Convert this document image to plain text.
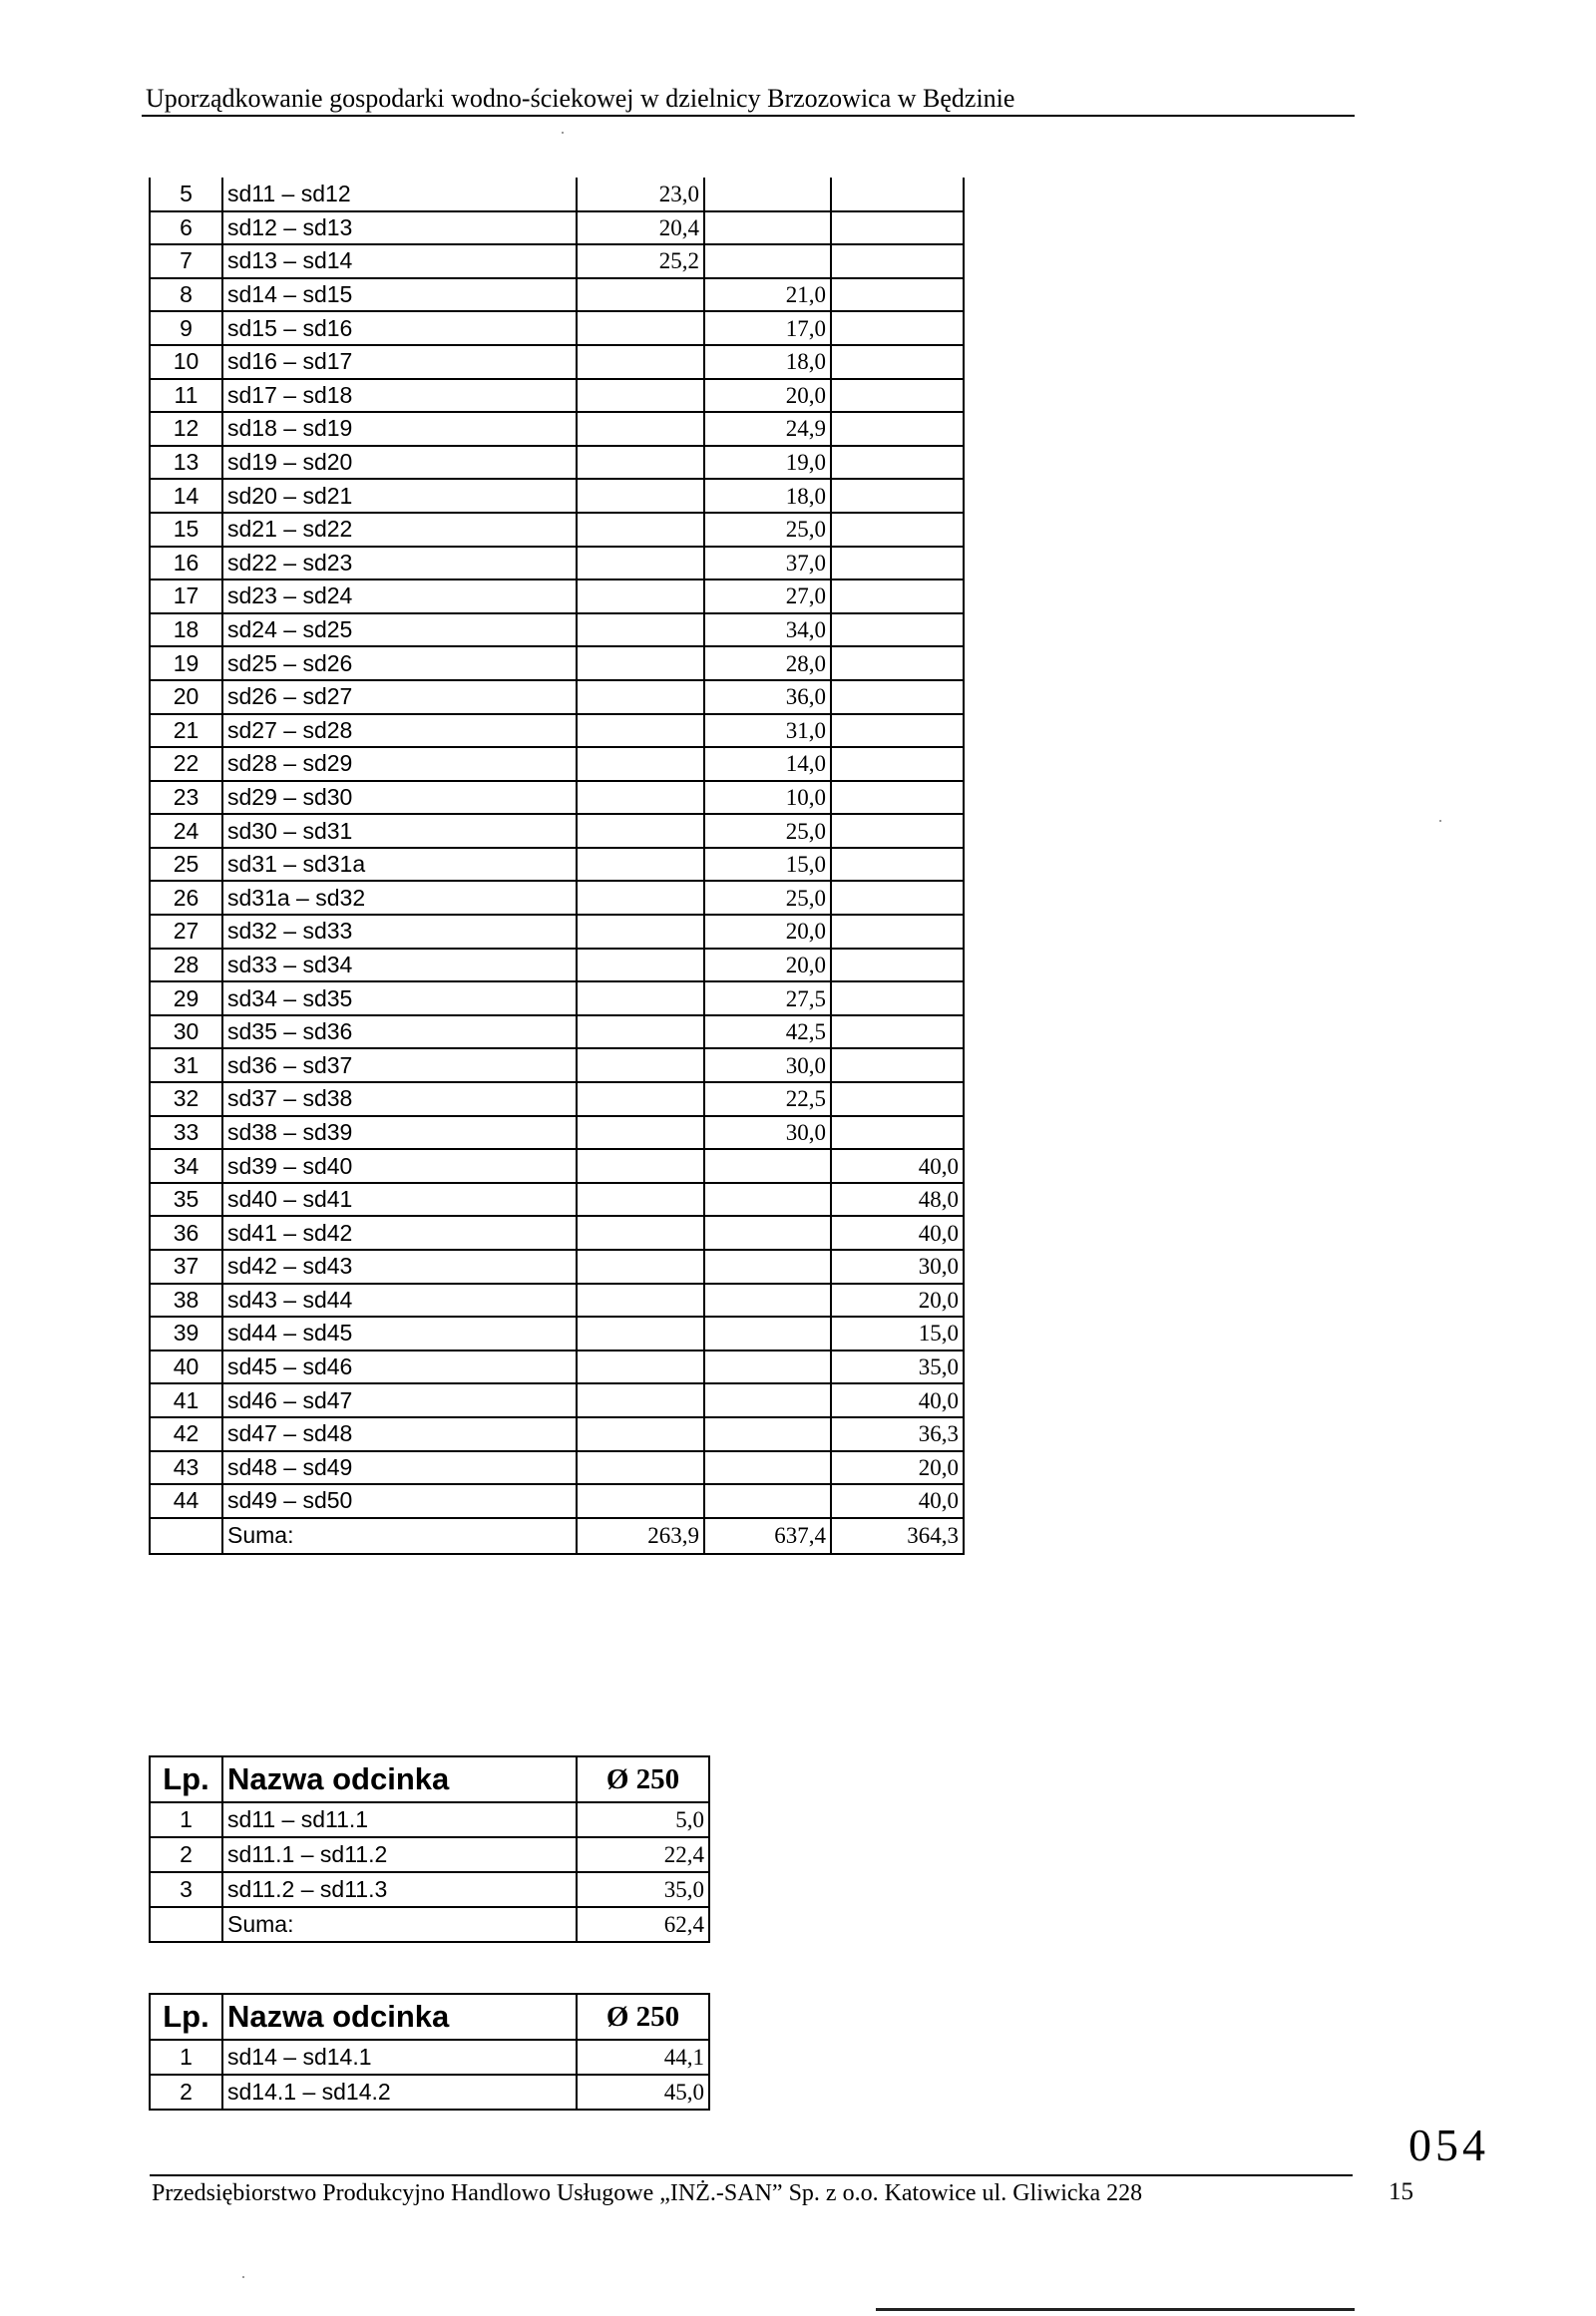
Uporządkowanie gospodarki wodno-ściekowej w dzielnicy Brzozowica w Będzinie
5	sd11 – sd12	23,0		
6	sd12 – sd13	20,4		
7	sd13 – sd14	25,2		
8	sd14 – sd15		21,0	
9	sd15 – sd16		17,0	
10	sd16 – sd17		18,0	
11	sd17 – sd18		20,0	
12	sd18 – sd19		24,9	
13	sd19 – sd20		19,0	
14	sd20 – sd21		18,0	
15	sd21 – sd22		25,0	
16	sd22 – sd23		37,0	
17	sd23 – sd24		27,0	
18	sd24 – sd25		34,0	
19	sd25 – sd26		28,0	
20	sd26 – sd27		36,0	
21	sd27 – sd28		31,0	
22	sd28 – sd29		14,0	
23	sd29 – sd30		10,0	
24	sd30 – sd31		25,0	
25	sd31 – sd31a		15,0	
26	sd31a – sd32		25,0	
27	sd32 – sd33		20,0	
28	sd33 – sd34		20,0	
29	sd34 – sd35		27,5	
30	sd35 – sd36		42,5	
31	sd36 – sd37		30,0	
32	sd37 – sd38		22,5	
33	sd38 – sd39		30,0	
34	sd39 – sd40			40,0
35	sd40 – sd41			48,0
36	sd41 – sd42			40,0
37	sd42 – sd43			30,0
38	sd43 – sd44			20,0
39	sd44 – sd45			15,0
40	sd45 – sd46			35,0
41	sd46 – sd47			40,0
42	sd47 – sd48			36,3
43	sd48 – sd49			20,0
44	sd49 – sd50			40,0
	Suma:	263,9	637,4	364,3
Lp.	Nazwa odcinka	Ø 250
1	sd11 – sd11.1	5,0
2	sd11.1 – sd11.2	22,4
3	sd11.2 – sd11.3	35,0
	Suma:	62,4
Lp.	Nazwa odcinka	Ø 250
1	sd14 – sd14.1	44,1
2	sd14.1 – sd14.2	45,0
054
Przedsiębiorstwo Produkcyjno Handlowo Usługowe „INŻ.-SAN” Sp. z o.o. Katowice ul. Gliwicka 228	15
